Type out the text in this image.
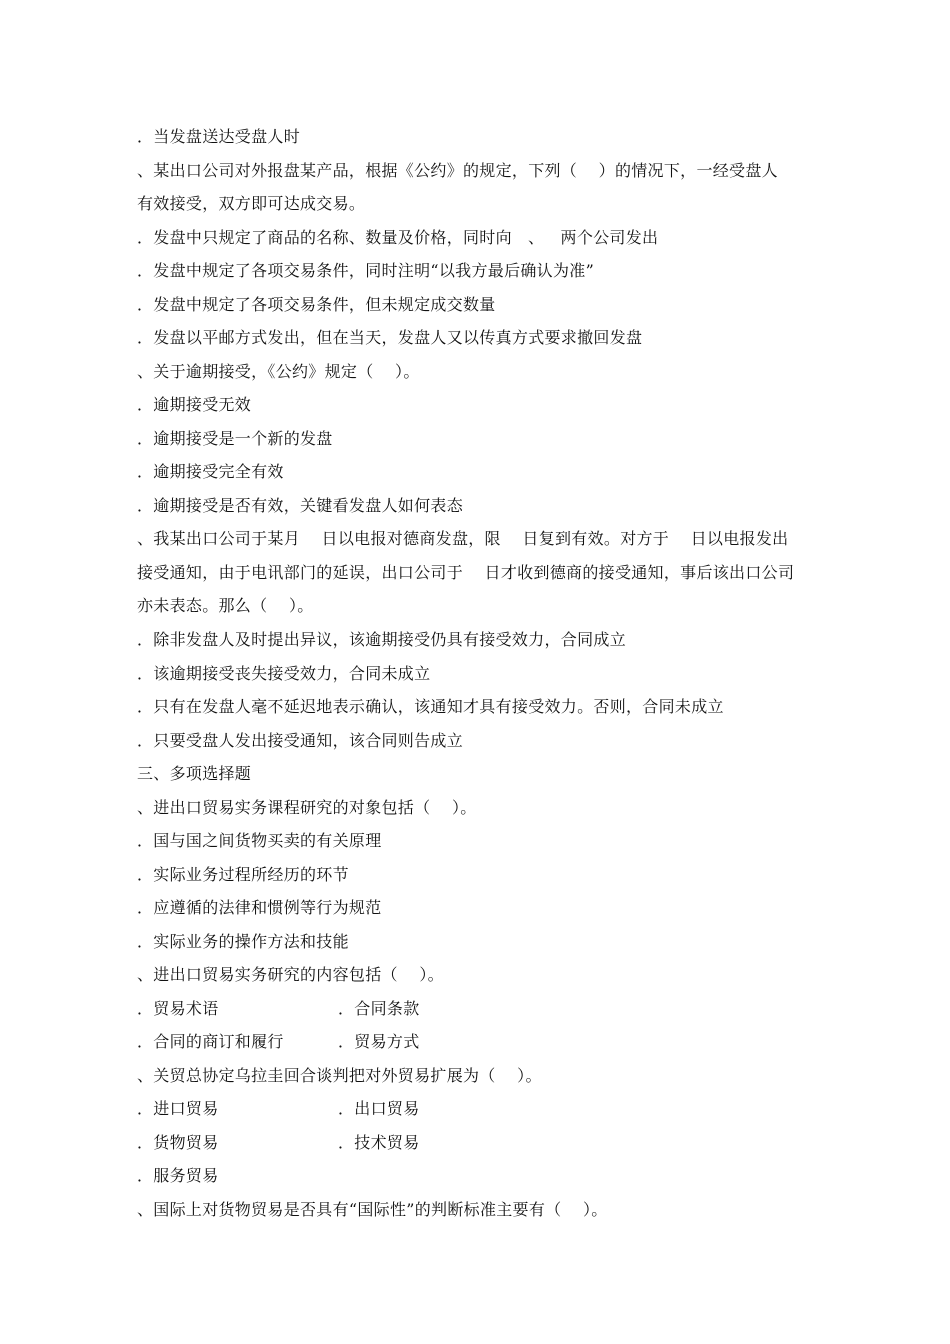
．当发盘送达受盘人时
、某出口公司对外报盘某产品，根据《公约》的规定，下列（    ）的情况下，一经受盘人
有效接受，双方即可达成交易。
．发盘中只规定了商品的名称、数量及价格，同时向   、   两个公司发出
．发盘中规定了各项交易条件，同时注明“以我方最后确认为准”
．发盘中规定了各项交易条件，但未规定成交数量
．发盘以平邮方式发出，但在当天，发盘人又以传真方式要求撤回发盘
、关于逾期接受，《公约》规定（    ）。
．逾期接受无效
．逾期接受是一个新的发盘
．逾期接受完全有效
．逾期接受是否有效，关键看发盘人如何表态
、我某出口公司于某月    日以电报对德商发盘，限    日复到有效。对方于    日以电报发出
接受通知，由于电讯部门的延误，出口公司于    日才收到德商的接受通知，事后该出口公司
亦未表态。那么（    ）。
．除非发盘人及时提出异议，该逾期接受仍具有接受效力，合同成立
．该逾期接受丧失接受效力，合同未成立
．只有在发盘人毫不延迟地表示确认，该通知才具有接受效力。否则，合同未成立
．只要受盘人发出接受通知，该合同则告成立
三、多项选择题
、进出口贸易实务课程研究的对象包括（    ）。
．国与国之间货物买卖的有关原理
．实际业务过程所经历的环节
．应遵循的法律和惯例等行为规范
．实际业务的操作方法和技能
、进出口贸易实务研究的内容包括（    ）。
．贸易术语	．合同条款
．合同的商订和履行	．贸易方式
、关贸总协定乌拉圭回合谈判把对外贸易扩展为（    ）。
．进口贸易	．出口贸易
．货物贸易	．技术贸易
．服务贸易
、国际上对货物贸易是否具有“国际性”的判断标准主要有（    ）。
